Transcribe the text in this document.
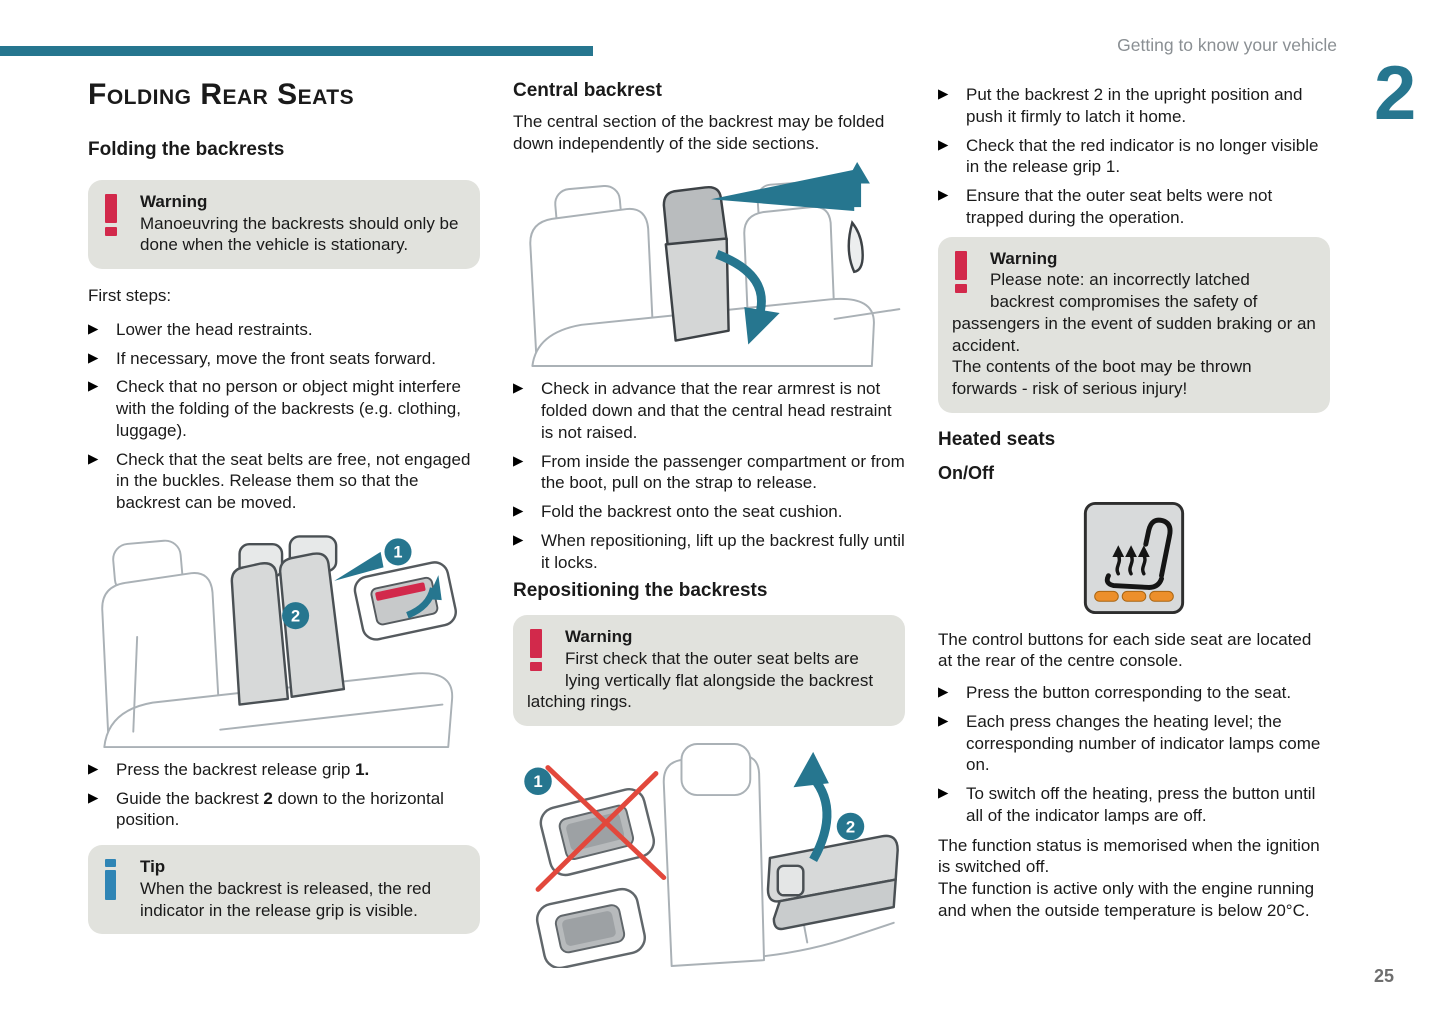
Getting to know your vehicle
2
25
Folding Rear Seats
Folding the backrests
Warning
Manoeuvring the backrests should only be done when the vehicle is stationary.
First steps:
▶ Lower the head restraints.
▶ If necessary, move the front seats forward.
▶ Check that no person or object might interfere with the folding of the backrests (e.g. clothing, luggage).
▶ Check that the seat belts are free, not engaged in the buckles. Release them so that the backrest can be moved.
1
2
▶ Press the backrest release grip 1.
▶ Guide the backrest 2 down to the horizontal position.
Tip
When the backrest is released, the red indicator in the release grip is visible.
Central backrest

The central section of the backrest may be folded down independently of the side sections.

▶ Check in advance that the rear armrest is not folded down and that the central head restraint is not raised.
▶ From inside the passenger compartment or from the boot, pull on the strap to release.
▶ Fold the backrest onto the seat cushion.
▶ When repositioning, lift up the backrest fully until it locks.
Repositioning the backrests
Warning
First check that the outer seat belts are lying vertically flat alongside the backrest latching rings.
1
2
▶ Put the backrest 2 in the upright position and push it firmly to latch it home.
▶ Check that the red indicator is no longer visible in the release grip 1.
▶ Ensure that the outer seat belts were not trapped during the operation.
Warning
Please note: an incorrectly latched backrest compromises the safety of passengers in the event of sudden braking or an accident.
The contents of the boot may be thrown forwards - risk of serious injury!
Heated seats
On/Off

The control buttons for each side seat are located at the rear of the centre console.

▶ Press the button corresponding to the seat.
▶ Each press changes the heating level; the corresponding number of indicator lamps come on.
▶ To switch off the heating, press the button until all of the indicator lamps are off.

The function status is memorised when the ignition is switched off.

The function is active only with the engine running and when the outside temperature is below 20°C.
